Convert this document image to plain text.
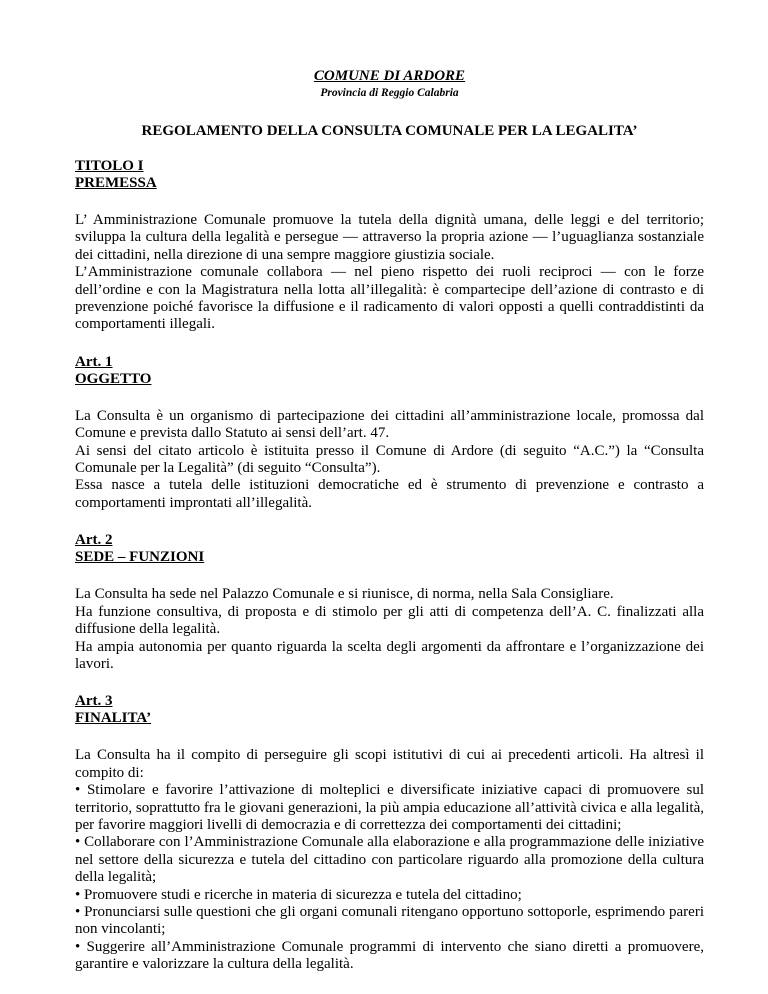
COMUNE DI ARDORE
Provincia di Reggio Calabria
REGOLAMENTO DELLA CONSULTA COMUNALE PER LA LEGALITA’
TITOLO I
PREMESSA

L’ Amministrazione Comunale promuove la tutela della dignità umana, delle leggi e del territorio; sviluppa la cultura della legalità e persegue — attraverso la propria azione — l’uguaglianza sostanziale dei cittadini, nella direzione di una sempre maggiore giustizia sociale.

L’Amministrazione comunale collabora — nel pieno rispetto dei ruoli reciproci — con le forze dell’ordine e con la Magistratura nella lotta all’illegalità: è compartecipe dell’azione di contrasto e di prevenzione poiché favorisce la diffusione e il radicamento di valori opposti a quelli contraddistinti da comportamenti illegali.

Art. 1
OGGETTO

La Consulta è un organismo di partecipazione dei cittadini all’amministrazione locale, promossa dal Comune e prevista dallo Statuto ai sensi dell’art. 47.

Ai sensi del citato articolo è istituita presso il Comune di Ardore (di seguito “A.C.”) la “Consulta Comunale per la Legalità” (di seguito “Consulta”).

Essa nasce a tutela delle istituzioni democratiche ed è strumento di prevenzione e contrasto a comportamenti improntati all’illegalità.

Art. 2
SEDE – FUNZIONI

La Consulta ha sede nel Palazzo Comunale e si riunisce, di norma, nella Sala Consigliare.

Ha funzione consultiva, di proposta e di stimolo per gli atti di competenza dell’A. C. finalizzati alla diffusione della legalità.

Ha ampia autonomia per quanto riguarda la scelta degli argomenti da affrontare e l’organizzazione dei lavori.

Art. 3
FINALITA’

La Consulta ha il compito di perseguire gli scopi istitutivi di cui ai precedenti articoli. Ha altresì il compito di:

• Stimolare e favorire l’attivazione di molteplici e diversificate iniziative capaci di promuovere sul territorio, soprattutto fra le giovani generazioni, la più ampia educazione all’attività civica e alla legalità, per favorire maggiori livelli di democrazia e di correttezza dei comportamenti dei cittadini;

• Collaborare con l’Amministrazione Comunale alla elaborazione e alla programmazione delle iniziative nel settore della sicurezza e tutela del cittadino con particolare riguardo alla promozione della cultura della legalità;

• Promuovere studi e ricerche in materia di sicurezza e tutela del cittadino;

• Pronunciarsi sulle questioni che gli organi comunali ritengano opportuno sottoporle, esprimendo pareri non vincolanti;

• Suggerire all’Amministrazione Comunale programmi di intervento che siano diretti a promuovere, garantire e valorizzare la cultura della legalità.
